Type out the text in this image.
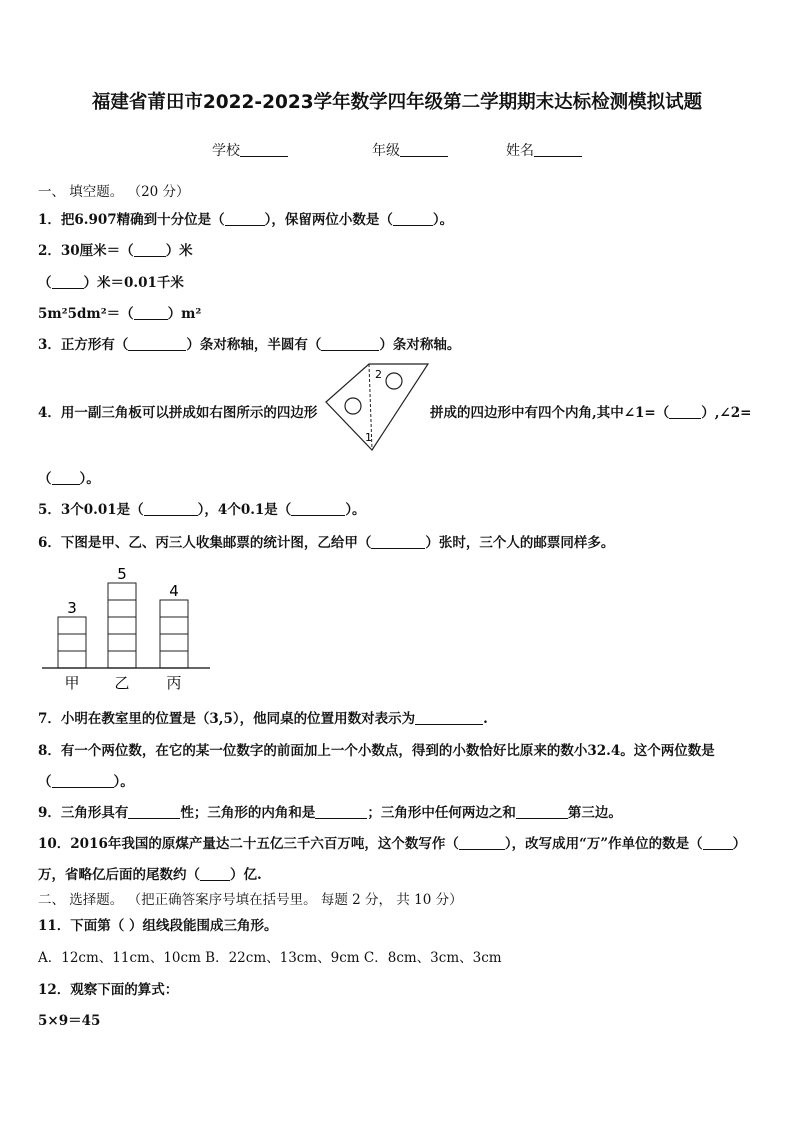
福建省莆田市2022-2023学年数学四年级第二学期期末达标检测模拟试题
学校	年级	姓名
一、 填空题。 （20 分）
1．把6.907精确到十分位是（	），保留两位小数是（	）。
2．30厘米＝（ ）米
（ ）米＝0.01千米
5m²5dm²＝（	）m²
3．正方形有（	）条对称轴，半圆有（	）条对称轴。
4．用一副三角板可以拼成如右图所示的四边形
2
1
拼成的四边形中有四个内角,其中∠1=（ ）,∠2=
（ ）。
5．3个0.01是（	），4个0.1是（	）。
6．下图是甲、乙、丙三人收集邮票的统计图，乙给甲（	）张时，三个人的邮票同样多。
3
甲
5
乙
4
丙
7．小明在教室里的位置是（3,5），他同桌的位置用数对表示为	.
8．有一个两位数，在它的某一位数字的前面加上一个小数点，得到的小数恰好比原来的数小32.4。这个两位数是
（	）。
9．三角形具有	性；三角形的内角和是	；三角形中任何两边之和	第三边。
10．2016年我国的原煤产量达二十五亿三千六百万吨，这个数写作（	），改写成用“万”作单位的数是（ ）
万，省略亿后面的尾数约（ ）亿.
二、 选择题。 （把正确答案序号填在括号里。 每题 2 分， 共 10 分）
11．下面第（ ）组线段能围成三角形。
A．12cm、11cm、10cm B．22cm、13cm、9cm C．8cm、3cm、3cm
12．观察下面的算式：
5×9＝45
